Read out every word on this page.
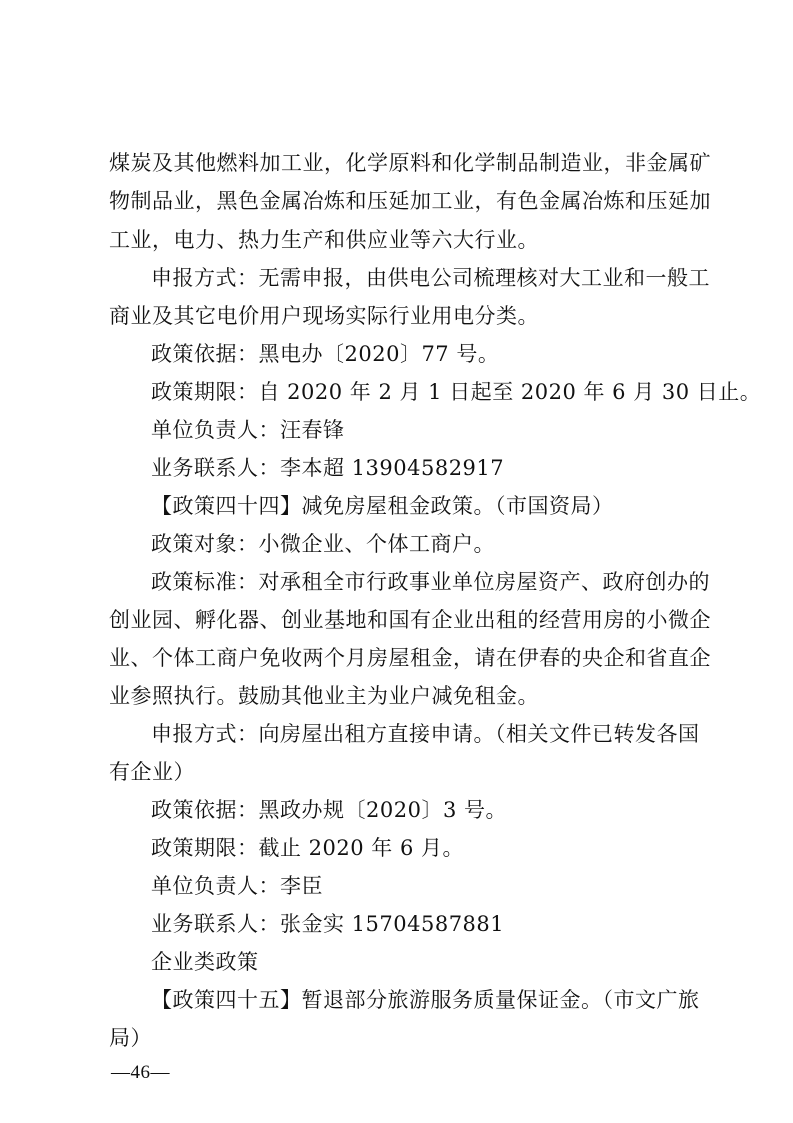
煤炭及其他燃料加工业，化学原料和化学制品制造业，非金属矿
物制品业，黑色金属冶炼和压延加工业，有色金属冶炼和压延加
工业，电力、热力生产和供应业等六大行业。
申报方式：无需申报，由供电公司梳理核对大工业和一般工
商业及其它电价用户现场实际行业用电分类。
政策依据：黑电办〔2020〕77 号。
政策期限：自 2020 年 2 月 1 日起至 2020 年 6 月 30 日止。
单位负责人：汪春锋
业务联系人：李本超 13904582917
【政策四十四】减免房屋租金政策。（市国资局）
政策对象：小微企业、个体工商户。
政策标准：对承租全市行政事业单位房屋资产、政府创办的
创业园、孵化器、创业基地和国有企业出租的经营用房的小微企
业、个体工商户免收两个月房屋租金，请在伊春的央企和省直企
业参照执行。鼓励其他业主为业户减免租金。
申报方式：向房屋出租方直接申请。（相关文件已转发各国
有企业）
政策依据：黑政办规〔2020〕3 号。
政策期限：截止 2020 年 6 月。
单位负责人：李臣
业务联系人：张金实 15704587881
企业类政策
【政策四十五】暂退部分旅游服务质量保证金。（市文广旅
局）
—46—
